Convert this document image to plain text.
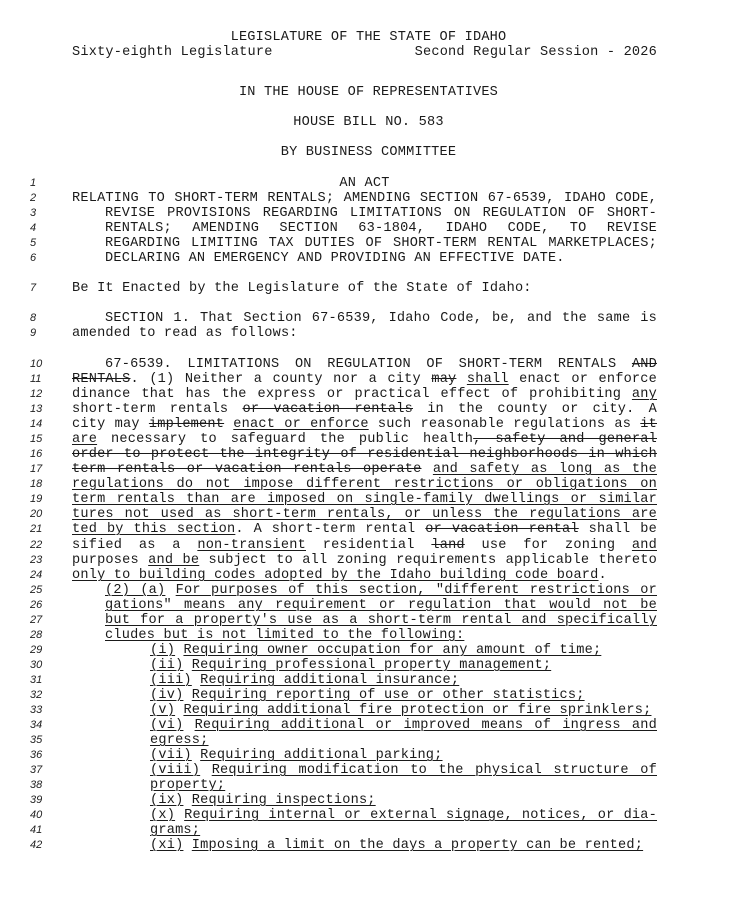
LEGISLATURE OF THE STATE OF IDAHO
Sixty-eighth Legislature	Second Regular Session - 2026
IN THE HOUSE OF REPRESENTATIVES
HOUSE BILL NO. 583
BY BUSINESS COMMITTEE
1	AN ACT
2	RELATING TO SHORT-TERM RENTALS; AMENDING SECTION 67-6539, IDAHO CODE,
3	REVISE PROVISIONS REGARDING LIMITATIONS ON REGULATION OF SHORT-
4	RENTALS; AMENDING SECTION 63-1804, IDAHO CODE, TO REVISE
5	REGARDING LIMITING TAX DUTIES OF SHORT-TERM RENTAL MARKETPLACES;
6	DECLARING AN EMERGENCY AND PROVIDING AN EFFECTIVE DATE.
7	Be It Enacted by the Legislature of the State of Idaho:
8	SECTION 1. That Section 67-6539, Idaho Code, be, and the same is
9	amended to read as follows:
10	67-6539. LIMITATIONS ON REGULATION OF SHORT-TERM RENTALS AND
11	RENTALS. (1) Neither a county nor a city may shall enact or enforce
12	dinance that has the express or practical effect of prohibiting any
13	short-term rentals or vacation rentals in the county or city. A
14	city may implement enact or enforce such reasonable regulations as it
15	are necessary to safeguard the public health, safety and general
16	order to protect the integrity of residential neighborhoods in which
17	term rentals or vacation rentals operate and safety as long as the
18	regulations do not impose different restrictions or obligations on
19	term rentals than are imposed on single-family dwellings or similar
20	tures not used as short-term rentals, or unless the regulations are
21	ted by this section. A short-term rental or vacation rental shall be
22	sified as a non-transient residential land use for zoning and
23	purposes and be subject to all zoning requirements applicable thereto
24	only to building codes adopted by the Idaho building code board.
25	(2) (a) For purposes of this section, "different restrictions or
26	gations" means any requirement or regulation that would not be
27	but for a property's use as a short-term rental and specifically
28	cludes but is not limited to the following:
29	(i) Requiring owner occupation for any amount of time;
30	(ii) Requiring professional property management;
31	(iii) Requiring additional insurance;
32	(iv) Requiring reporting of use or other statistics;
33	(v) Requiring additional fire protection or fire sprinklers;
34	(vi) Requiring additional or improved means of ingress and
35	egress;
36	(vii) Requiring additional parking;
37	(viii) Requiring modification to the physical structure of
38	property;
39	(ix) Requiring inspections;
40	(x) Requiring internal or external signage, notices, or dia-
41	grams;
42	(xi) Imposing a limit on the days a property can be rented;
